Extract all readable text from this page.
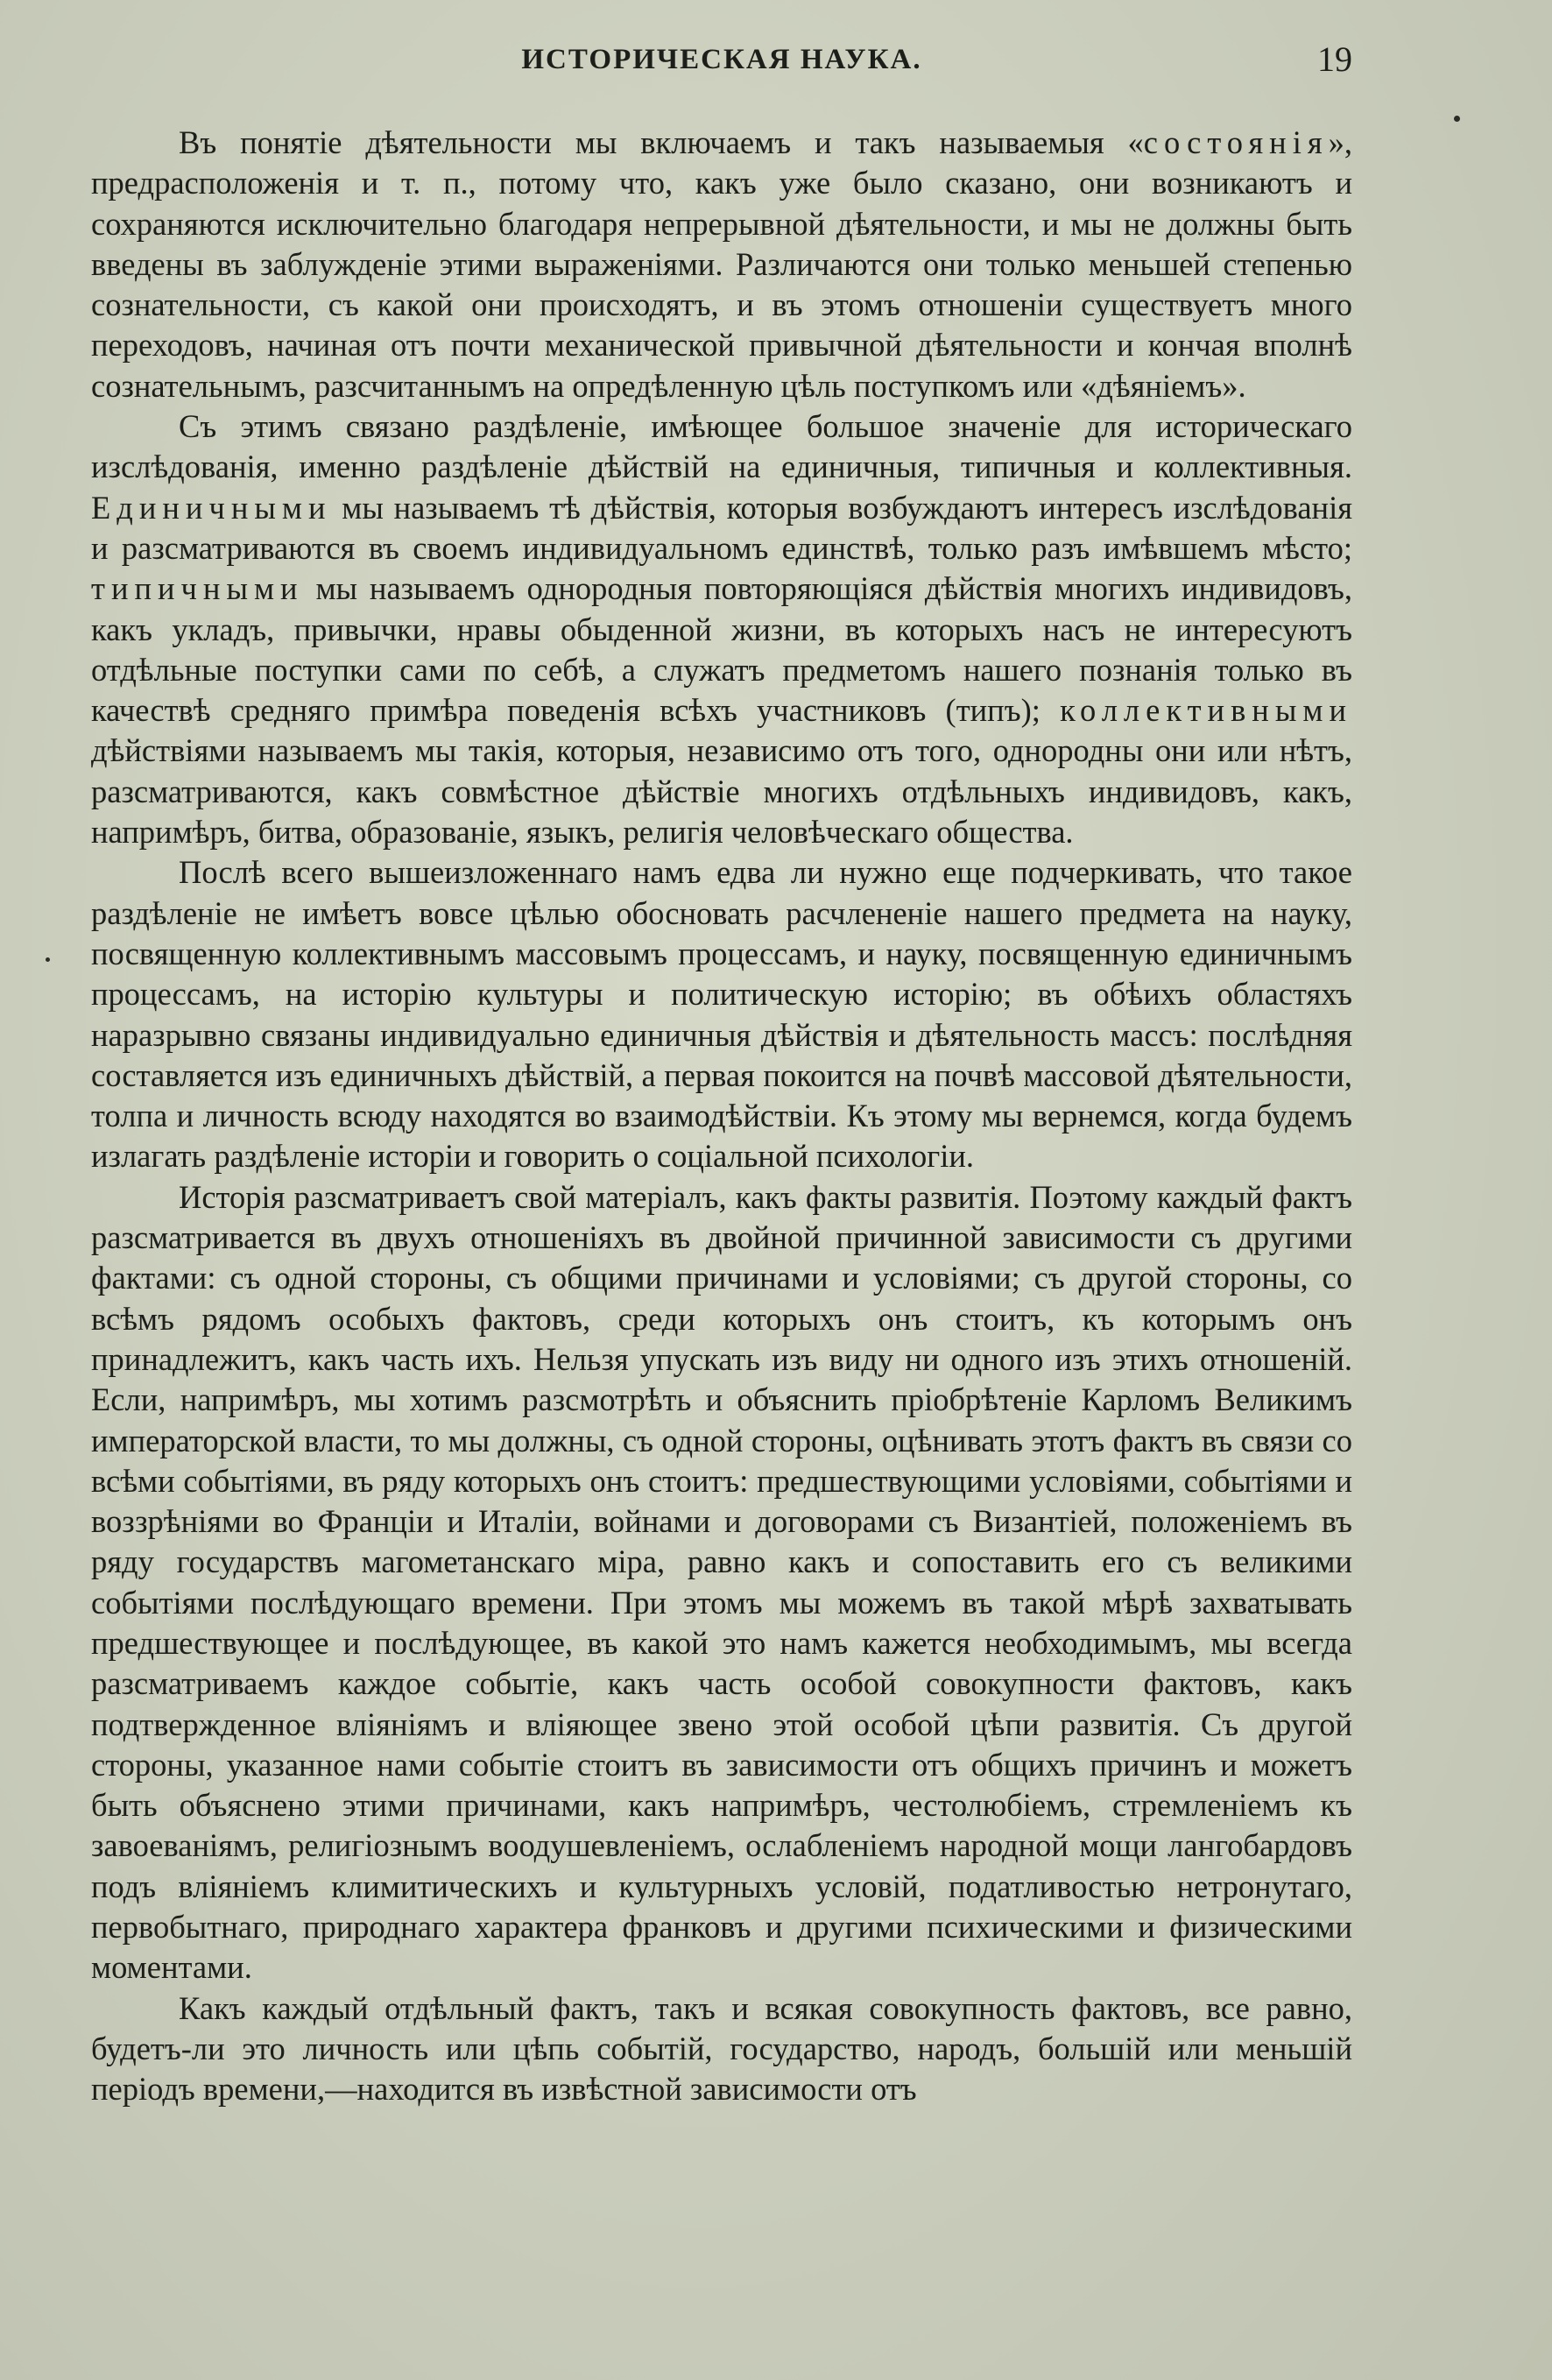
ИСТОРИЧЕСКАЯ НАУКА.	19

Въ понятіе дѣятельности мы включаемъ и такъ называемыя «состоянія», предрасположенія и т. п., потому что, какъ уже было сказано, они возникаютъ и сохраняются исключительно благодаря непрерывной дѣятельности, и мы не должны быть введены въ заблужденіе этими выраженіями. Различаются они только меньшей степенью сознательности, съ какой они происходятъ, и въ этомъ отношеніи существуетъ много переходовъ, начиная отъ почти механической привычной дѣятельности и кончая вполнѣ сознательнымъ, разсчитаннымъ на опредѣленную цѣль поступкомъ или «дѣяніемъ».

Съ этимъ связано раздѣленіе, имѣющее большое значеніе для историческаго изслѣдованія, именно раздѣленіе дѣйствій на единичныя, типичныя и коллективныя. Единичными мы называемъ тѣ дѣйствія, которыя возбуждаютъ интересъ изслѣдованія и разсматриваются въ своемъ индивидуальномъ единствѣ, только разъ имѣвшемъ мѣсто; типичными мы называемъ однородныя повторяющіяся дѣйствія многихъ индивидовъ, какъ укладъ, привычки, нравы обыденной жизни, въ которыхъ насъ не интересуютъ отдѣльные поступки сами по себѣ, а служатъ предметомъ нашего познанія только въ качествѣ средняго примѣра поведенія всѣхъ участниковъ (типъ); коллективными дѣйствіями называемъ мы такія, которыя, независимо отъ того, однородны они или нѣтъ, разсматриваются, какъ совмѣстное дѣйствіе многихъ отдѣльныхъ индивидовъ, какъ, напримѣръ, битва, образованіе, языкъ, религія человѣческаго общества.

Послѣ всего вышеизложеннаго намъ едва ли нужно еще подчеркивать, что такое раздѣленіе не имѣетъ вовсе цѣлью обосновать расчлененіе нашего предмета на науку, посвященную коллективнымъ массовымъ процессамъ, и науку, посвященную единичнымъ процессамъ, на исторію культуры и политическую исторію; въ обѣихъ областяхъ наразрывно связаны индивидуально единичныя дѣйствія и дѣятельность массъ: послѣдняя составляется изъ единичныхъ дѣйствій, а первая покоится на почвѣ массовой дѣятельности, толпа и личность всюду находятся во взаимодѣйствіи. Къ этому мы вернемся, когда будемъ излагать раздѣленіе исторіи и говорить о соціальной психологіи.

Исторія разсматриваетъ свой матеріалъ, какъ факты развитія. Поэтому каждый фактъ разсматривается въ двухъ отношеніяхъ въ двойной причинной зависимости съ другими фактами: съ одной стороны, съ общими причинами и условіями; съ другой стороны, со всѣмъ рядомъ особыхъ фактовъ, среди которыхъ онъ стоитъ, къ которымъ онъ принадлежитъ, какъ часть ихъ. Нельзя упускать изъ виду ни одного изъ этихъ отношеній. Если, напримѣръ, мы хотимъ разсмотрѣть и объяснить пріобрѣтеніе Карломъ Великимъ императорской власти, то мы должны, съ одной стороны, оцѣнивать этотъ фактъ въ связи со всѣми событіями, въ ряду которыхъ онъ стоитъ: предшествующими условіями, событіями и воззрѣніями во Франціи и Италіи, войнами и договорами съ Византіей, положеніемъ въ ряду государствъ магометанскаго міра, равно какъ и сопоставить его съ великими событіями послѣдующаго времени. При этомъ мы можемъ въ такой мѣрѣ захватывать предшествующее и послѣдующее, въ какой это намъ кажется необходимымъ, мы всегда разсматриваемъ каждое событіе, какъ часть особой совокупности фактовъ, какъ подтвержденное вліяніямъ и вліяющее звено этой особой цѣпи развитія. Съ другой стороны, указанное нами событіе стоитъ въ зависимости отъ общихъ причинъ и можетъ быть объяснено этими причинами, какъ напримѣръ, честолюбіемъ, стремленіемъ къ завоеваніямъ, религіознымъ воодушевленіемъ, ослабленіемъ народной мощи лангобардовъ подъ вліяніемъ климитическихъ и культурныхъ условій, податливостью нетронутаго, первобытнаго, природнаго характера франковъ и другими психическими и физическими моментами.

Какъ каждый отдѣльный фактъ, такъ и всякая совокупность фактовъ, все равно, будетъ-ли это личность или цѣпь событій, государство, народъ, большій или меньшій періодъ времени,—находится въ извѣстной зависимости отъ
